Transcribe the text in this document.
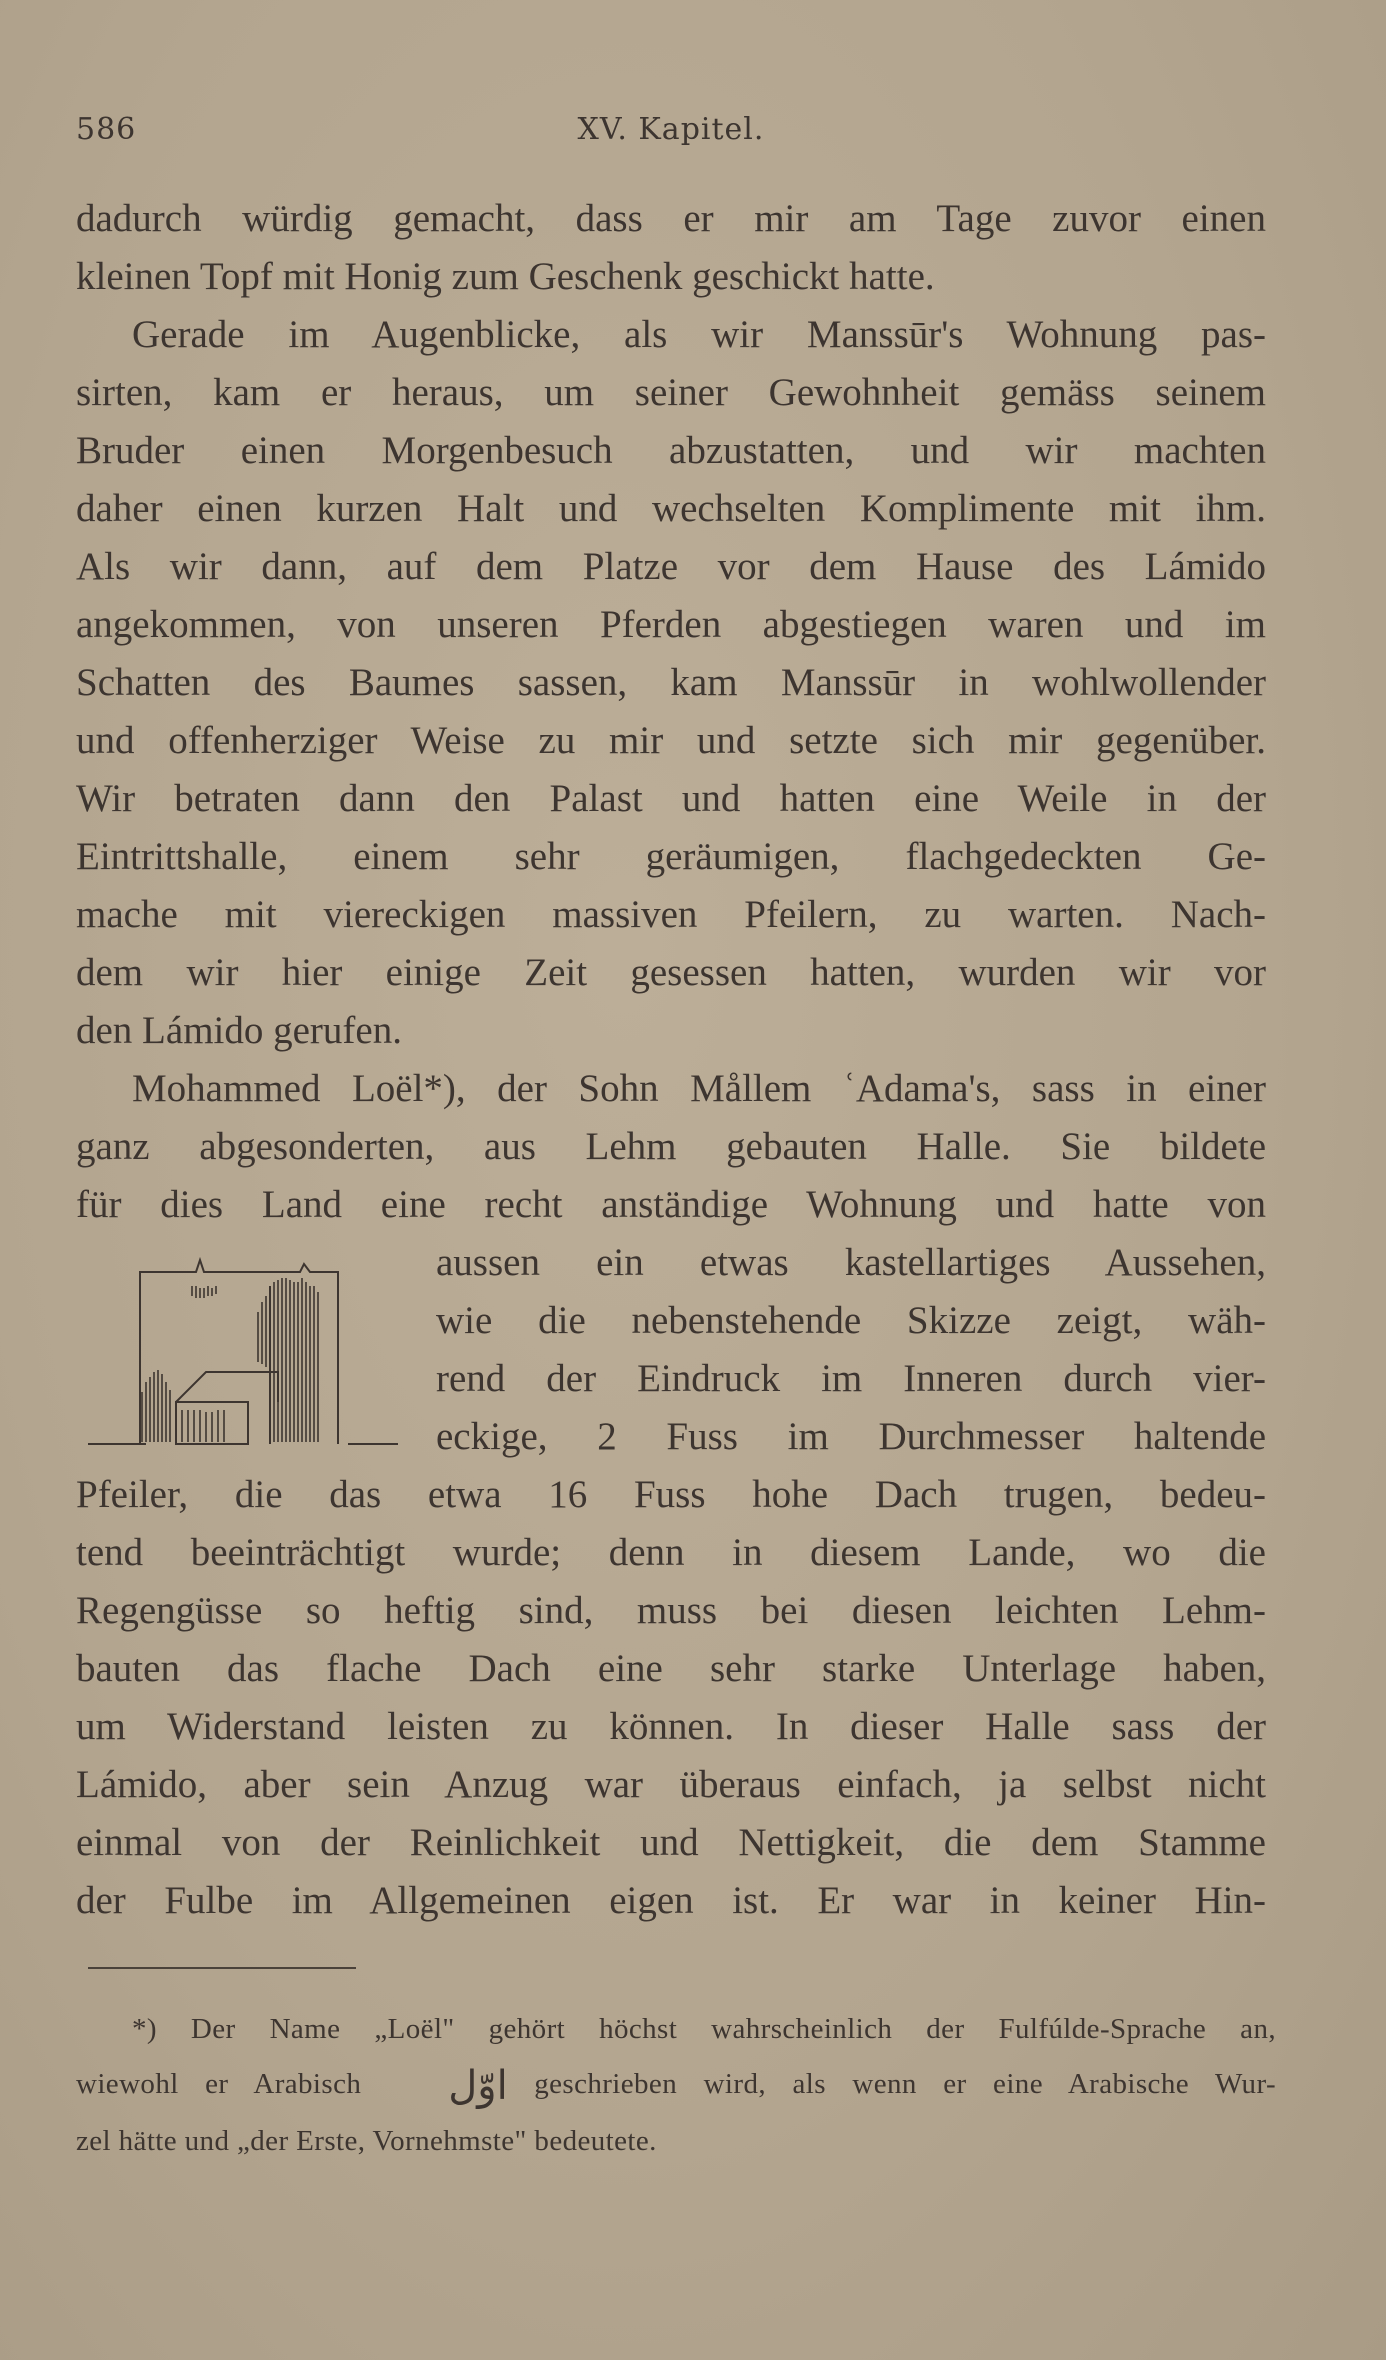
586	XV. Kapitel.
dadurch würdig gemacht, dass er mir am Tage zuvor einen
kleinen Topf mit Honig zum Geschenk geschickt hatte.
Gerade im Augenblicke, als wir Manssūr's Wohnung pas-
sirten, kam er heraus, um seiner Gewohnheit gemäss seinem
Bruder einen Morgenbesuch abzustatten, und wir machten
daher einen kurzen Halt und wechselten Komplimente mit ihm.
Als wir dann, auf dem Platze vor dem Hause des Lámido
angekommen, von unseren Pferden abgestiegen waren und im
Schatten des Baumes sassen, kam Manssūr in wohlwollender
und offenherziger Weise zu mir und setzte sich mir gegenüber.
Wir betraten dann den Palast und hatten eine Weile in der
Eintrittshalle, einem sehr geräumigen, flachgedeckten Ge-
mache mit viereckigen massiven Pfeilern, zu warten. Nach-
dem wir hier einige Zeit gesessen hatten, wurden wir vor
den Lámido gerufen.
Mohammed Loël*), der Sohn Mållem ʿAdama's, sass in einer
ganz abgesonderten, aus Lehm gebauten Halle. Sie bildete
für dies Land eine recht anständige Wohnung und hatte von
aussen ein etwas kastellartiges Aussehen,
wie die nebenstehende Skizze zeigt, wäh-
rend der Eindruck im Inneren durch vier-
eckige, 2 Fuss im Durchmesser haltende
Pfeiler, die das etwa 16 Fuss hohe Dach trugen, bedeu-
tend beeinträchtigt wurde; denn in diesem Lande, wo die
Regengüsse so heftig sind, muss bei diesen leichten Lehm-
bauten das flache Dach eine sehr starke Unterlage haben,
um Widerstand leisten zu können. In dieser Halle sass der
Lámido, aber sein Anzug war überaus einfach, ja selbst nicht
einmal von der Reinlichkeit und Nettigkeit, die dem Stamme
der Fulbe im Allgemeinen eigen ist. Er war in keiner Hin-
*) Der Name „Loël" gehört höchst wahrscheinlich der Fulfúlde-Sprache an,
wiewohl er Arabisch اوّل geschrieben wird, als wenn er eine Arabische Wur-
zel hätte und „der Erste, Vornehmste" bedeutete.
